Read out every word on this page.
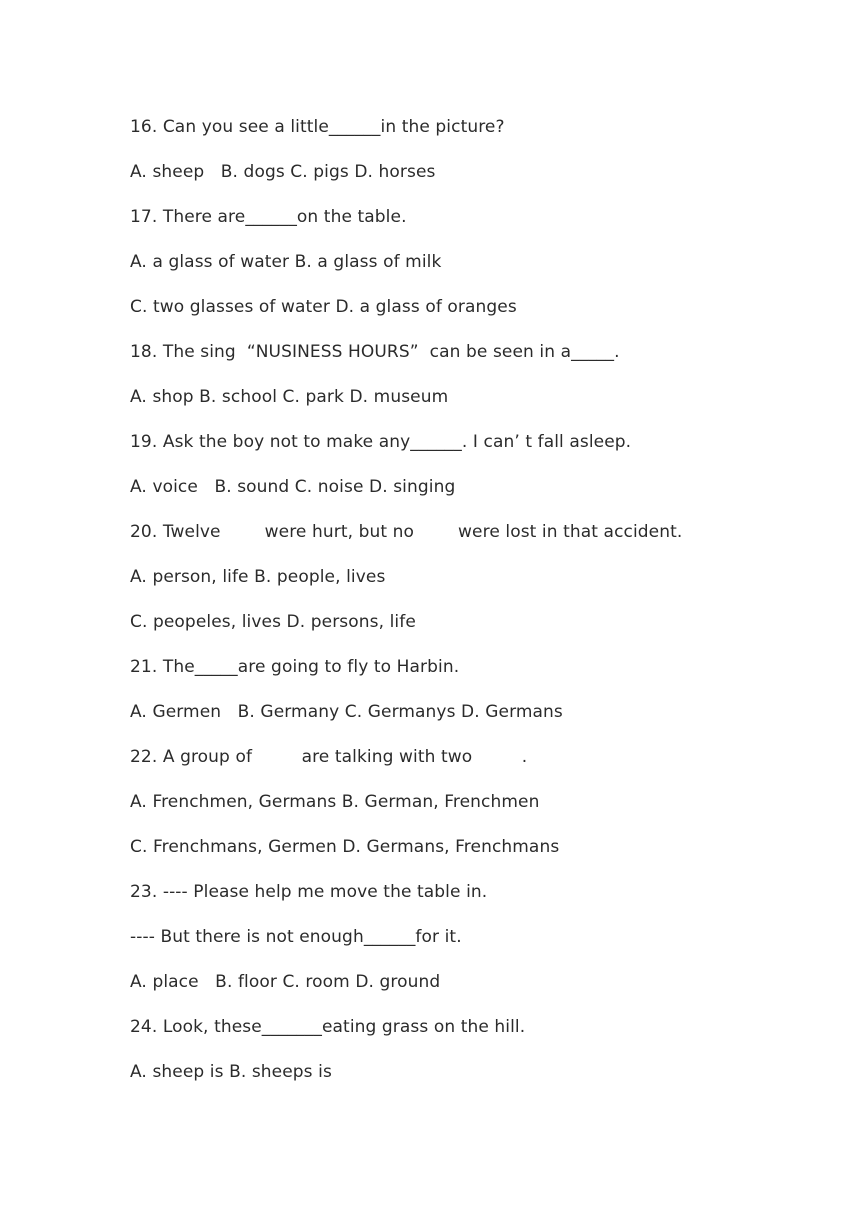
16. Can you see a little______in the picture?
A. sheep   B. dogs C. pigs D. horses
17. There are______on the table.
A. a glass of water B. a glass of milk
C. two glasses of water D. a glass of oranges
18. The sing  “NUSINESS HOURS”  can be seen in a_____.
A. shop B. school C. park D. museum
19. Ask the boy not to make any______. I can’ t fall asleep.
A. voice   B. sound C. noise D. singing
20. Twelve        were hurt, but no        were lost in that accident.
A. person, life B. people, lives
C. peopeles, lives D. persons, life
21. The_____are going to fly to Harbin.
A. Germen   B. Germany C. Germanys D. Germans
22. A group of         are talking with two         .
A. Frenchmen, Germans B. German, Frenchmen
C. Frenchmans, Germen D. Germans, Frenchmans
23. ---- Please help me move the table in.
---- But there is not enough______for it.
A. place   B. floor C. room D. ground
24. Look, these_______eating grass on the hill.
A. sheep is B. sheeps is
